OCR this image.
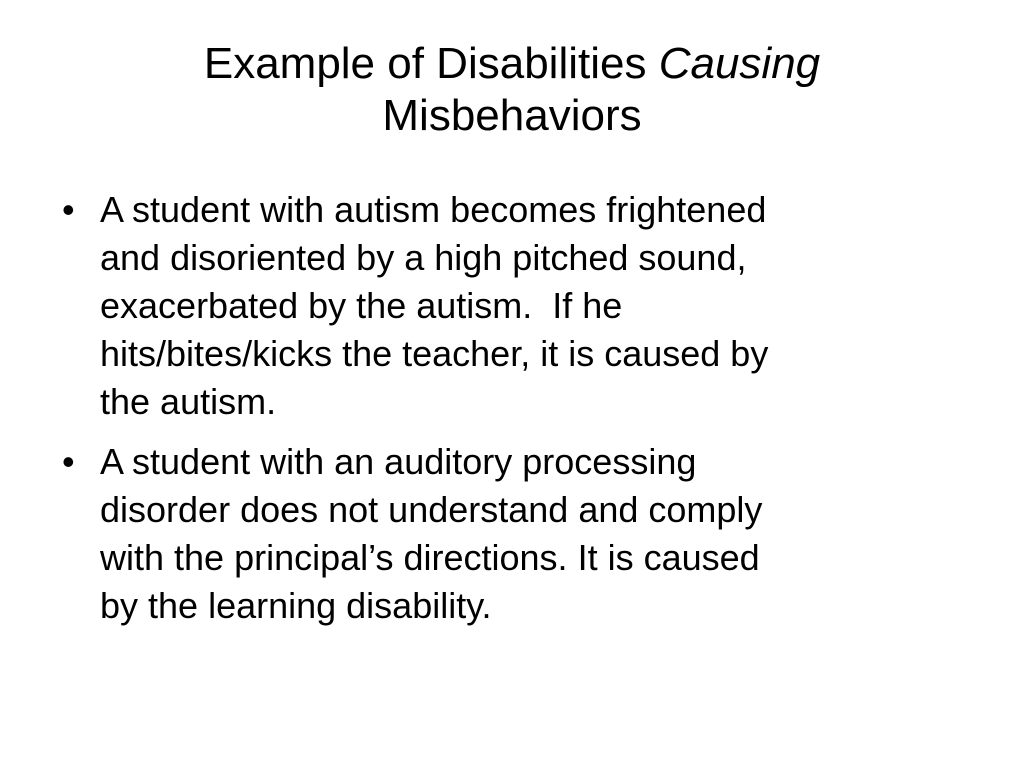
Example of Disabilities Causing
Misbehaviors
• A student with autism becomes frightened
and disoriented by a high pitched sound,
exacerbated by the autism.  If he
hits/bites/kicks the teacher, it is caused by
the autism.
• A student with an auditory processing
disorder does not understand and comply
with the principal’s directions. It is caused
by the learning disability.
